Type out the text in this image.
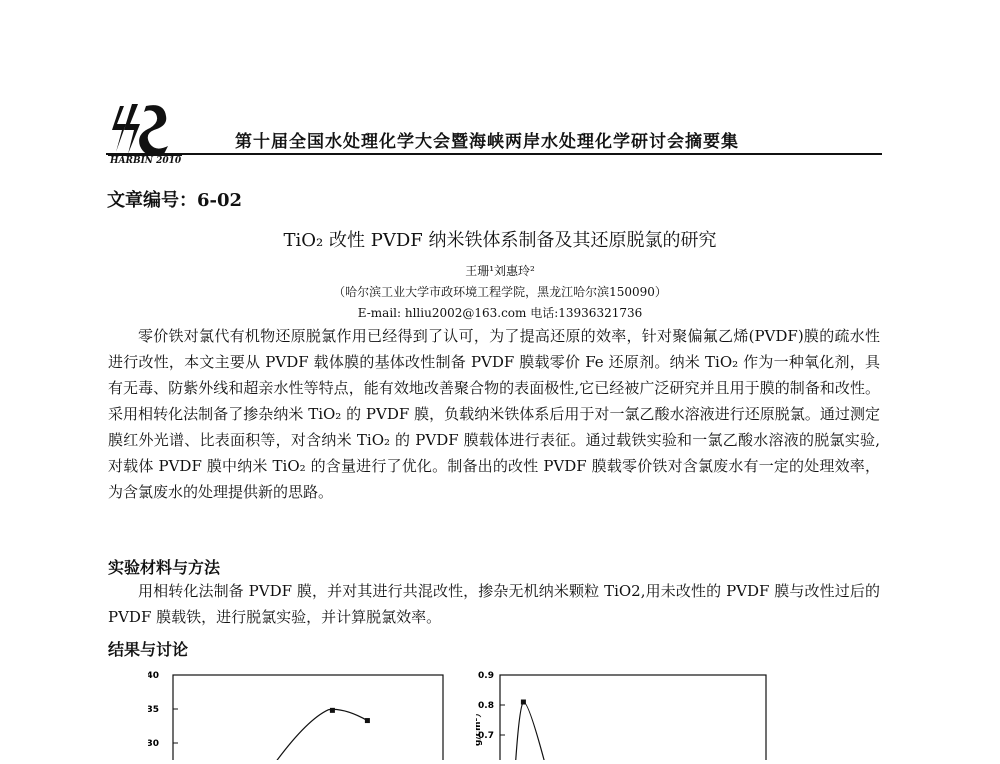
HARBIN 2010
第十届全国水处理化学大会暨海峡两岸水处理化学研讨会摘要集
文章编号：6-02
TiO₂ 改性 PVDF 纳米铁体系制备及其还原脱氯的研究
王珊¹刘惠玲²
（哈尔滨工业大学市政环境工程学院，黑龙江哈尔滨150090）
E-mail: hlliu2002@163.com 电话:13936321736
零价铁对氯代有机物还原脱氯作用已经得到了认可，为了提高还原的效率，针对聚偏氟乙烯(PVDF)膜的疏水性进行改性，本文主要从 PVDF 载体膜的基体改性制备 PVDF 膜载零价 Fe 还原剂。纳米 TiO₂ 作为一种氧化剂，具有无毒、防紫外线和超亲水性等特点，能有效地改善聚合物的表面极性,它已经被广泛研究并且用于膜的制备和改性。采用相转化法制备了掺杂纳米 TiO₂ 的 PVDF 膜，负载纳米铁体系后用于对一氯乙酸水溶液进行还原脱氯。通过测定膜红外光谱、比表面积等，对含纳米 TiO₂ 的 PVDF 膜载体进行表征。通过载铁实验和一氯乙酸水溶液的脱氯实验,对载体 PVDF 膜中纳米 TiO₂ 的含量进行了优化。制备出的改性 PVDF 膜载零价铁对含氯废水有一定的处理效率，为含氯废水的处理提供新的思路。
实验材料与方法
用相转化法制备 PVDF 膜，并对其进行共混改性，掺杂无机纳米颗粒 TiO2,用未改性的 PVDF 膜与改性过后的 PVDF 膜载铁，进行脱氯实验，并计算脱氯效率。
结果与讨论
40
35
30
0.9
0.8
0.7
g/cm²）
